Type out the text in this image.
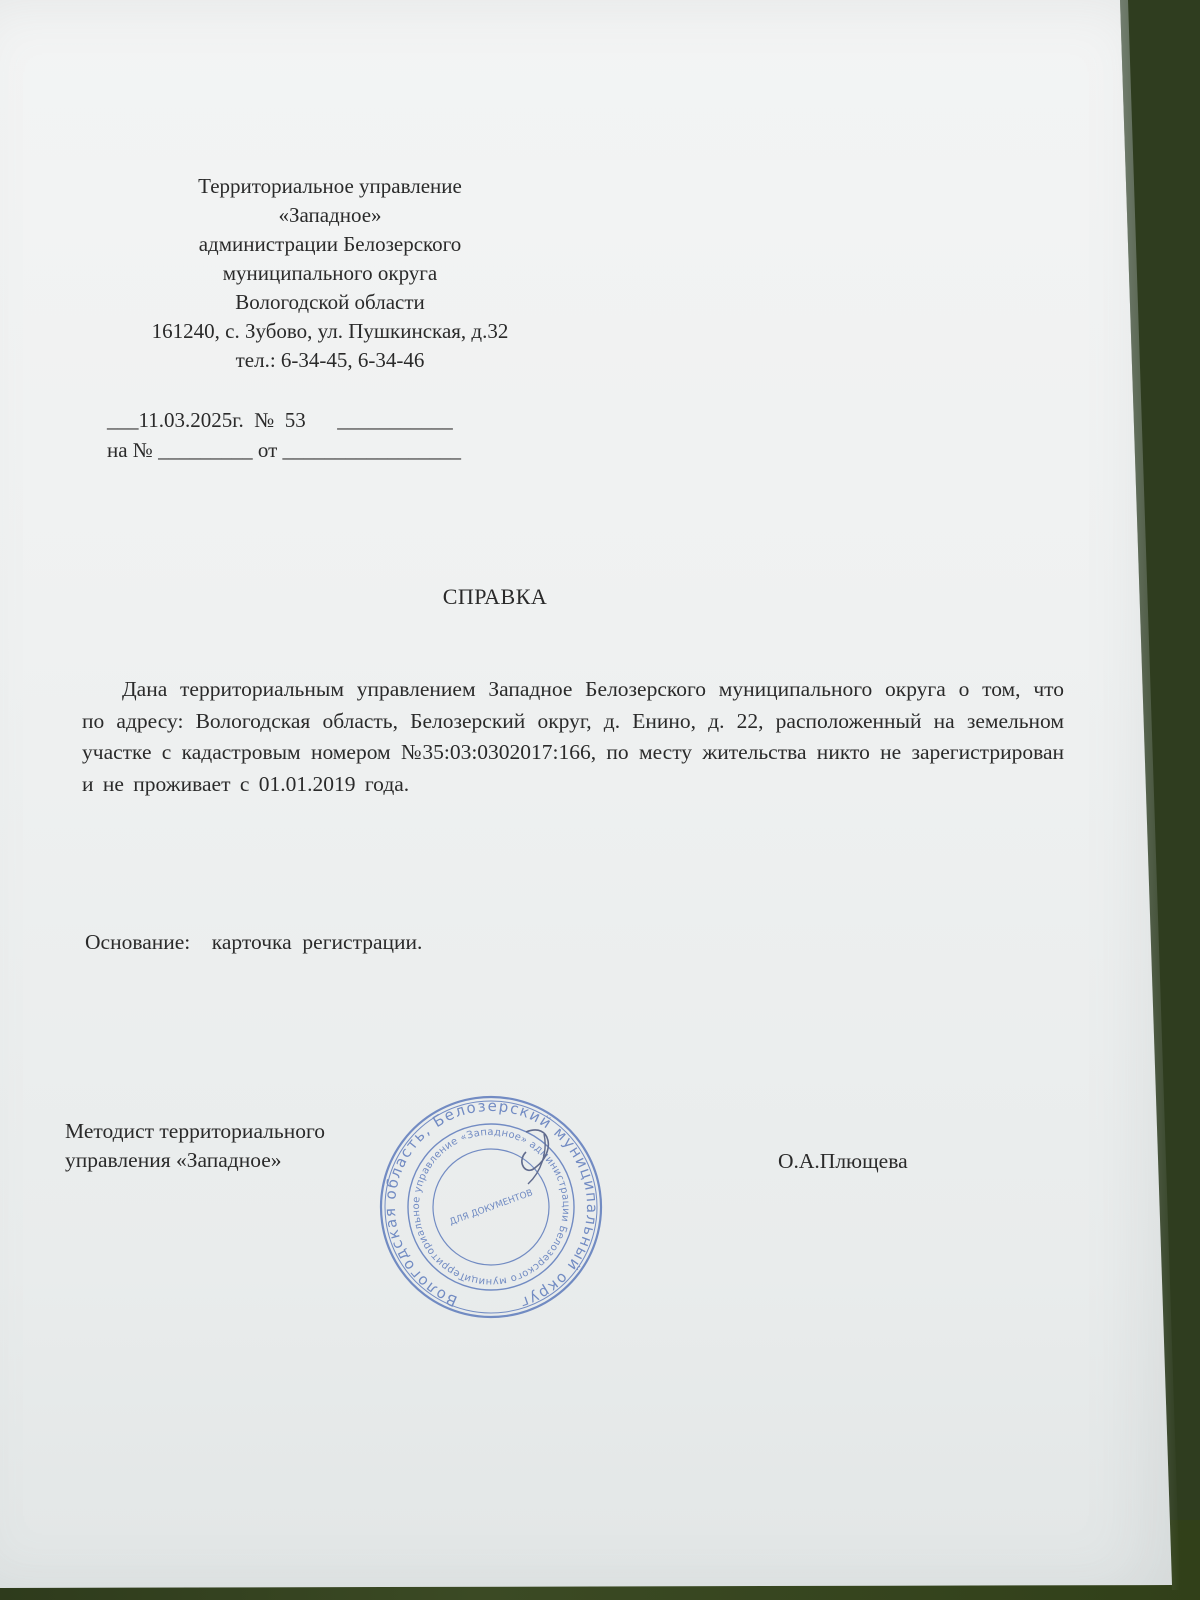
Территориальное управление
«Западное»
администрации Белозерского
муниципального округа
Вологодской области
161240, с. Зубово, ул. Пушкинская, д.32
тел.: 6-34-45, 6-34-46
___11.03.2025г.  №  53      ___________
на № _________ от _________________
СПРАВКА
Дана территориальным управлением Западное Белозерского муниципального округа о том, что по адресу: Вологодская область, Белозерский округ, д. Енино, д. 22, расположенный на земельном участке с кадастровым номером №35:03:0302017:166, по месту жительства никто не зарегистрирован и не проживает с 01.01.2019 года.
Основание:    карточка  регистрации.
Методист территориального
управления «Западное»	О.А.Плющева
Вологодская область, Белозерский муниципальный округ
Территориальное управление «Западное» администрации Белозерского муниципального
ДЛЯ ДОКУМЕНТОВ
